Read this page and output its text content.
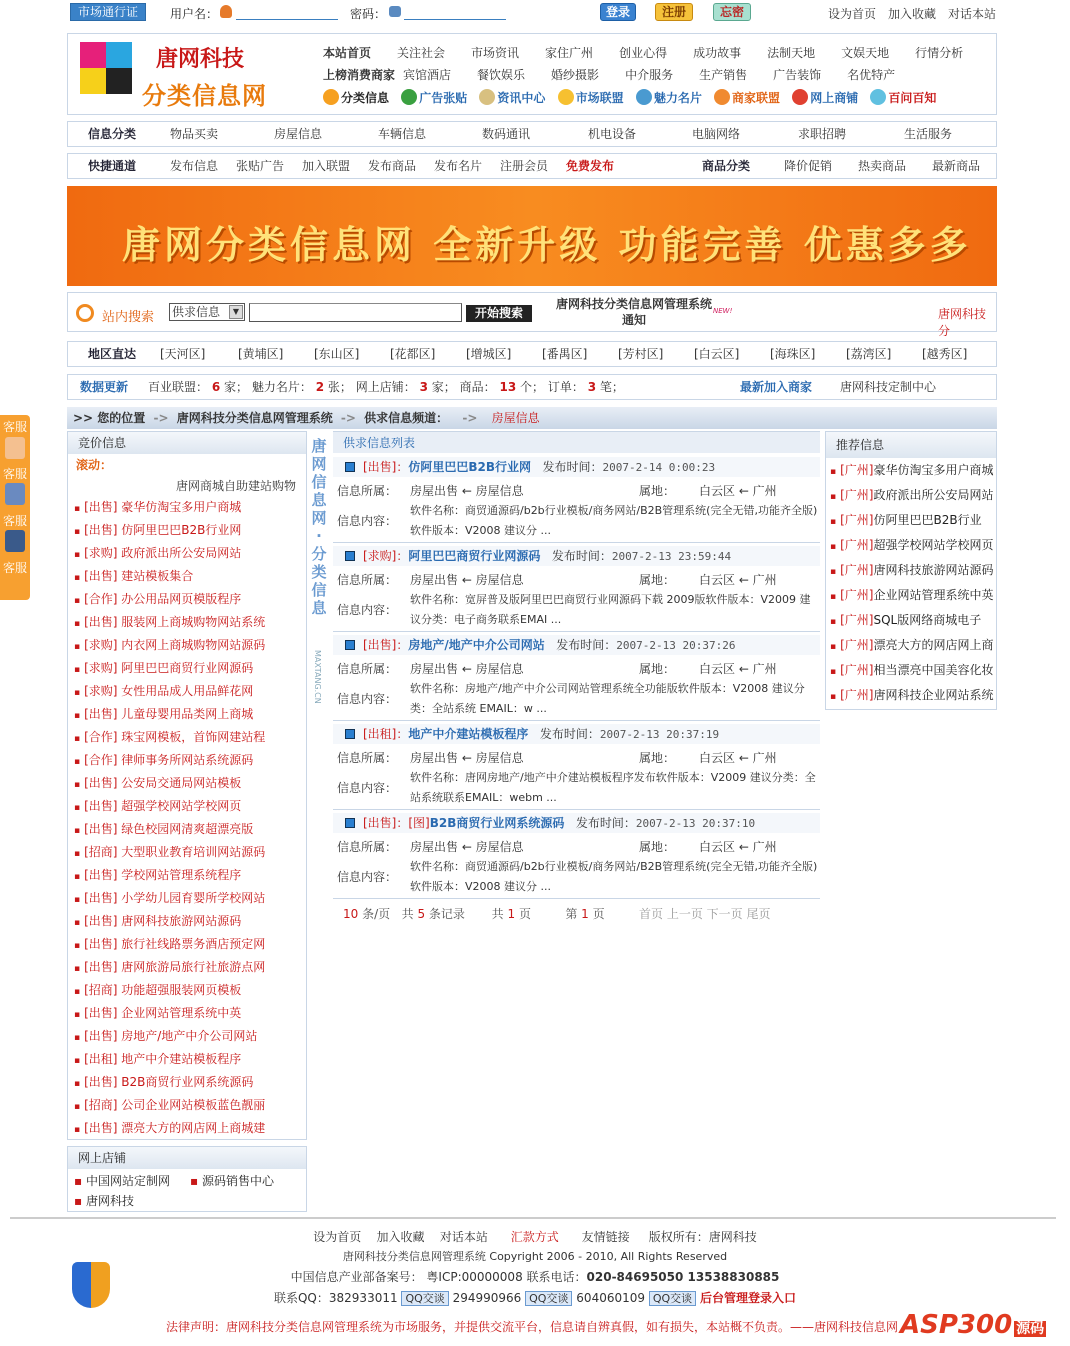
市场通行证	用户名：	密码：	登录	注册	忘密	设为首页 加入收藏 对话本站
唐网科技
分类信息网
本站首页 关注社会 市场资讯 家住广州 创业心得 成功故事 法制天地 文娱天地 行情分析
上榜消费商家 宾馆酒店 餐饮娱乐 婚纱摄影 中介服务 生产销售 广告装饰 名优特产
分类信息	广告张贴	资讯中心	市场联盟	魅力名片	商家联盟	网上商铺	百问百知
信息分类	物品买卖	房屋信息	车辆信息	数码通讯	机电设备	电脑网络	求职招聘	生活服务
快捷通道	发布信息 张贴广告 加入联盟 发布商品 发布名片 注册会员 免费发布	商品分类	降价促销 热卖商品 最新商品
唐网分类信息网 全新升级 功能完善 优惠多多
站内搜索 供求信息	▼	开始搜索
唐网科技分类信息网管理系统通知
NEW!	唐网科技分
地区直达 [天河区]	[黄埔区]	[东山区]	[花都区]	[增城区]	[番禺区]	[芳村区]	[白云区]	[海珠区]	[荔湾区]	[越秀区]
数据更新 百业联盟： 6 家； 魅力名片： 2 张； 网上店铺： 3 家； 商品： 13 个； 订单： 3 笔；	最新加入商家 唐网科技定制中心
>> 您的位置 -> 唐网科技分类信息网管理系统 -> 供求信息频道： -> 房屋信息
竞价信息
滚动：
唐网商城自助建站购物
▪ [出售] 豪华仿淘宝多用户商城
▪ [出售] 仿阿里巴巴B2B行业网
▪ [求购] 政府派出所公安局网站
▪ [出售] 建站模板集合
▪ [合作] 办公用品网页模版程序
▪ [出售] 服装网上商城购物网站系统
▪ [求购] 内衣网上商城购物网站源码
▪ [求购] 阿里巴巴商贸行业网源码
▪ [求购] 女性用品成人用品鲜花网
▪ [出售] 儿童母婴用品类网上商城
▪ [合作] 珠宝网模板，首饰网建站程
▪ [合作] 律师事务所网站系统源码
▪ [出售] 公安局交通局网站模板
▪ [出售] 超强学校网站学校网页
▪ [出售] 绿色校园网清爽超漂亮版
▪ [招商] 大型职业教育培训网站源码
▪ [出售] 学校网站管理系统程序
▪ [出售] 小学幼儿园育婴所学校网站
▪ [出售] 唐网科技旅游网站源码
▪ [出售] 旅行社线路票务酒店预定网
▪ [出售] 唐网旅游局旅行社旅游点网
▪ [招商] 功能超强服装网页模板
▪ [出售] 企业网站管理系统中英
▪ [出售] 房地产/地产中介公司网站
▪ [出租] 地产中介建站模板程序
▪ [出售] B2B商贸行业网系统源码
▪ [招商] 公司企业网站模板蓝色靓丽
▪ [出售] 漂亮大方的网店网上商城建
网上店铺
▪ 中国网站定制网 ▪ 源码销售中心
▪ 唐网科技
唐网信息网·分类信息
MAXTANG.CN
供求信息列表
[出售]：仿阿里巴巴B2B行业网 发布时间：2007-2-14 0:00:23
信息所属： 房屋出售 ← 房屋信息	属地： 白云区 ← 广州
信息内容：
软件名称：商贸通源码/b2b行业模板/商务网站/B2B管理系统(完全无错,功能齐全版) 软件版本：V2008 建议分 ...
[求购]：阿里巴巴商贸行业网源码 发布时间：2007-2-13 23:59:44
信息所属： 房屋出售 ← 房屋信息	属地： 白云区 ← 广州
信息内容：
软件名称：宽屏普及版阿里巴巴商贸行业网源码下载 2009版软件版本：V2009 建议分类：电子商务联系EMAI ...
[出售]：房地产/地产中介公司网站 发布时间：2007-2-13 20:37:26
信息所属： 房屋出售 ← 房屋信息	属地： 白云区 ← 广州
信息内容：
软件名称：房地产/地产中介公司网站管理系统全功能版软件版本：V2008 建议分类：全站系统 EMAIL：w ...
[出租]：地产中介建站模板程序 发布时间：2007-2-13 20:37:19
信息所属： 房屋出售 ← 房屋信息	属地： 白云区 ← 广州
信息内容：
软件名称：唐网房地产/地产中介建站模板程序发布软件版本：V2009 建议分类：全站系统联系EMAIL：webm ...
[出售]：[图]B2B商贸行业网系统源码 发布时间：2007-2-13 20:37:10
信息所属： 房屋出售 ← 房屋信息	属地： 白云区 ← 广州
信息内容：
软件名称：商贸通源码/b2b行业模板/商务网站/B2B管理系统(完全无错,功能齐全版) 软件版本：V2008 建议分 ...
10 条/页 共 5 条记录 共 1 页	第 1 页	首页 上一页 下一页 尾页
推荐信息
▪ [广州]豪华仿淘宝多用户商城
▪ [广州]政府派出所公安局网站
▪ [广州]仿阿里巴巴B2B行业
▪ [广州]超强学校网站学校网页
▪ [广州]唐网科技旅游网站源码
▪ [广州]企业网站管理系统中英
▪ [广州]SQL版网络商城电子
▪ [广州]漂亮大方的网店网上商
▪ [广州]相当漂亮中国美容化妆
▪ [广州]唐网科技企业网站系统
客服
客服
客服
客服
设为首页 加入收藏 对话本站 汇款方式 友情链接 版权所有：唐网科技
唐网科技分类信息网管理系统 Copyright 2006 - 2010, All Rights Reserved
中国信息产业部备案号： 粤ICP:00000008 联系电话：020-84695050 13538830885
联系QQ：382933011 QQ交谈 294990966 QQ交谈 604060109 QQ交谈 后台管理登录入口
法律声明：唐网科技分类信息网管理系统为市场服务，并提供交流平台，信息请自辨真假，如有损失，本站概不负责。——唐网科技信息网 ASP300 源码
